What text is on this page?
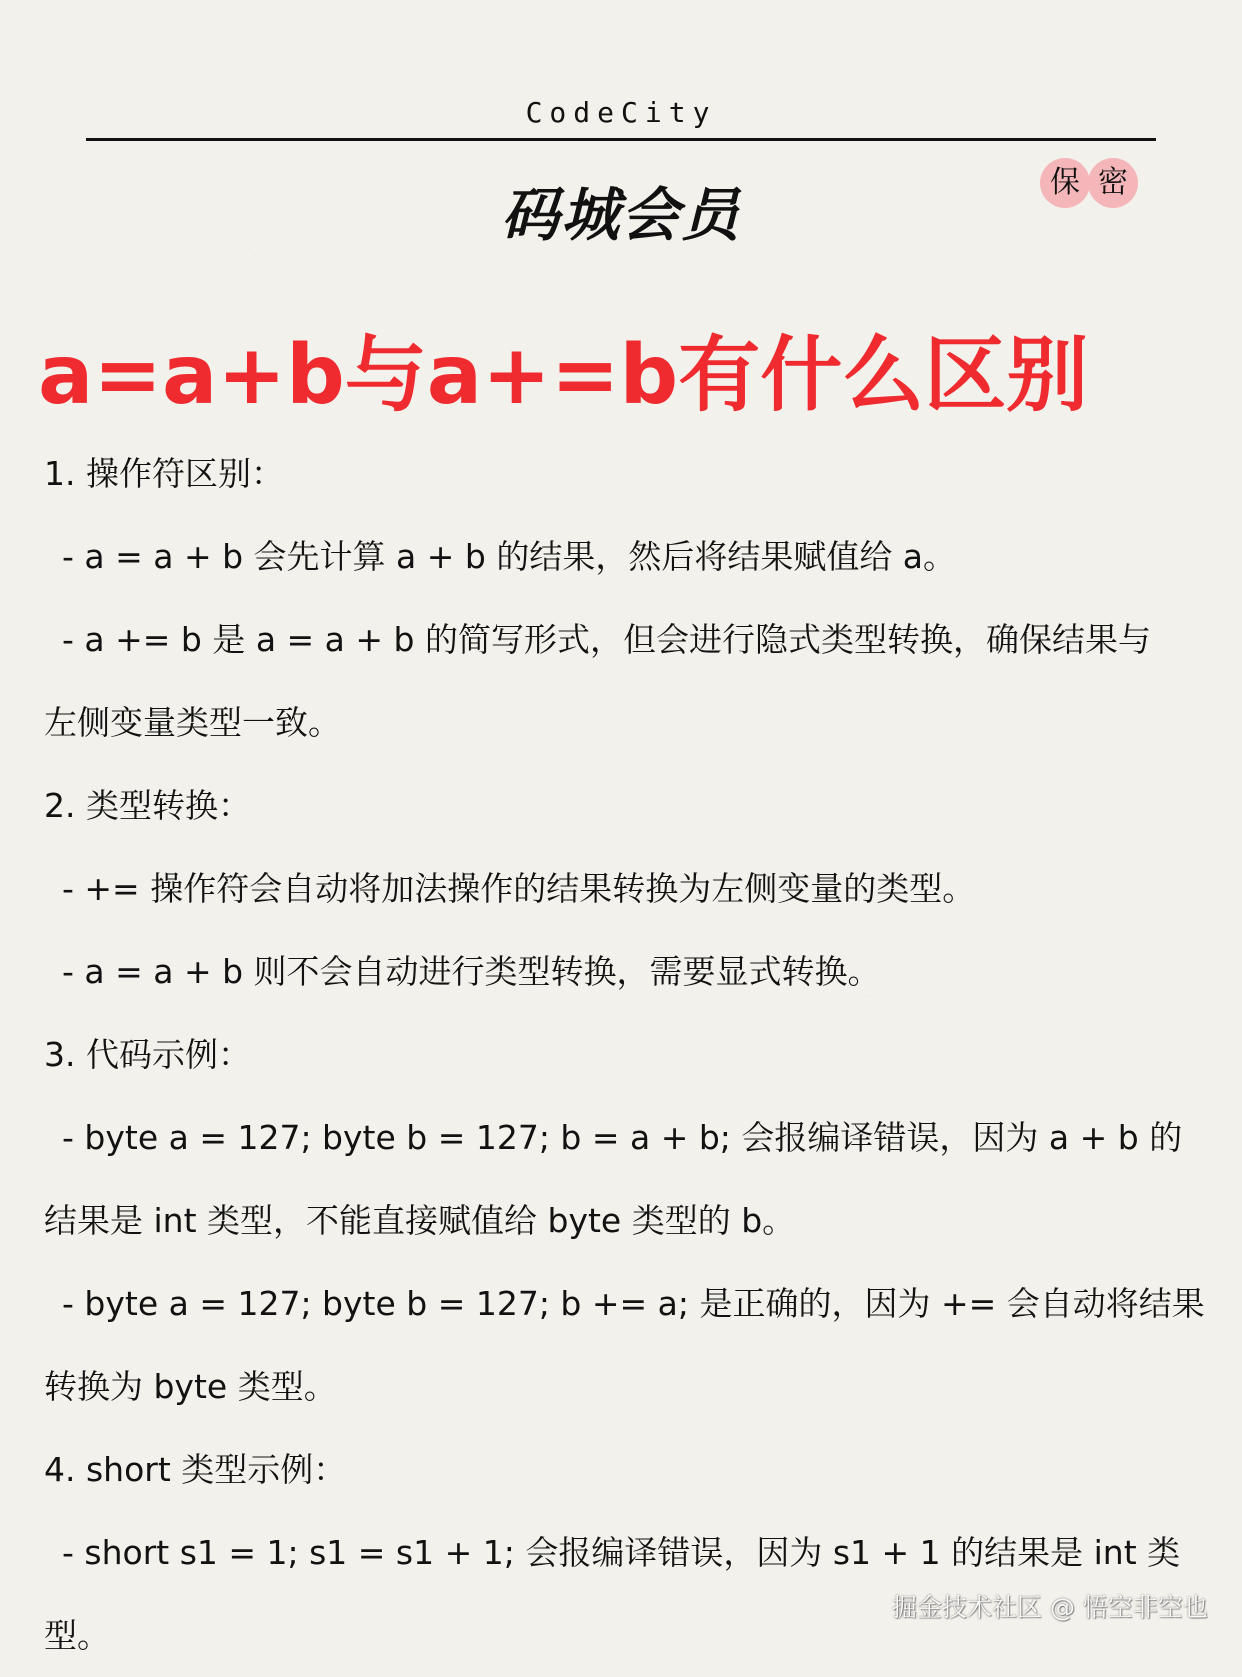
CodeCity
码城会员	保 密
a=a+b与a+=b有什么区别
1. 操作符区别：
- a = a + b 会先计算 a + b 的结果，然后将结果赋值给 a。
- a += b 是 a = a + b 的简写形式，但会进行隐式类型转换，确保结果与
左侧变量类型一致。
2. 类型转换：
- += 操作符会自动将加法操作的结果转换为左侧变量的类型。
- a = a + b 则不会自动进行类型转换，需要显式转换。
3. 代码示例：
- byte a = 127; byte b = 127; b = a + b; 会报编译错误，因为 a + b 的
结果是 int 类型，不能直接赋值给 byte 类型的 b。
- byte a = 127; byte b = 127; b += a; 是正确的，因为 += 会自动将结果
转换为 byte 类型。
4. short 类型示例：
- short s1 = 1; s1 = s1 + 1; 会报编译错误，因为 s1 + 1 的结果是 int 类
型。
掘金技术社区 @ 悟空非空也
